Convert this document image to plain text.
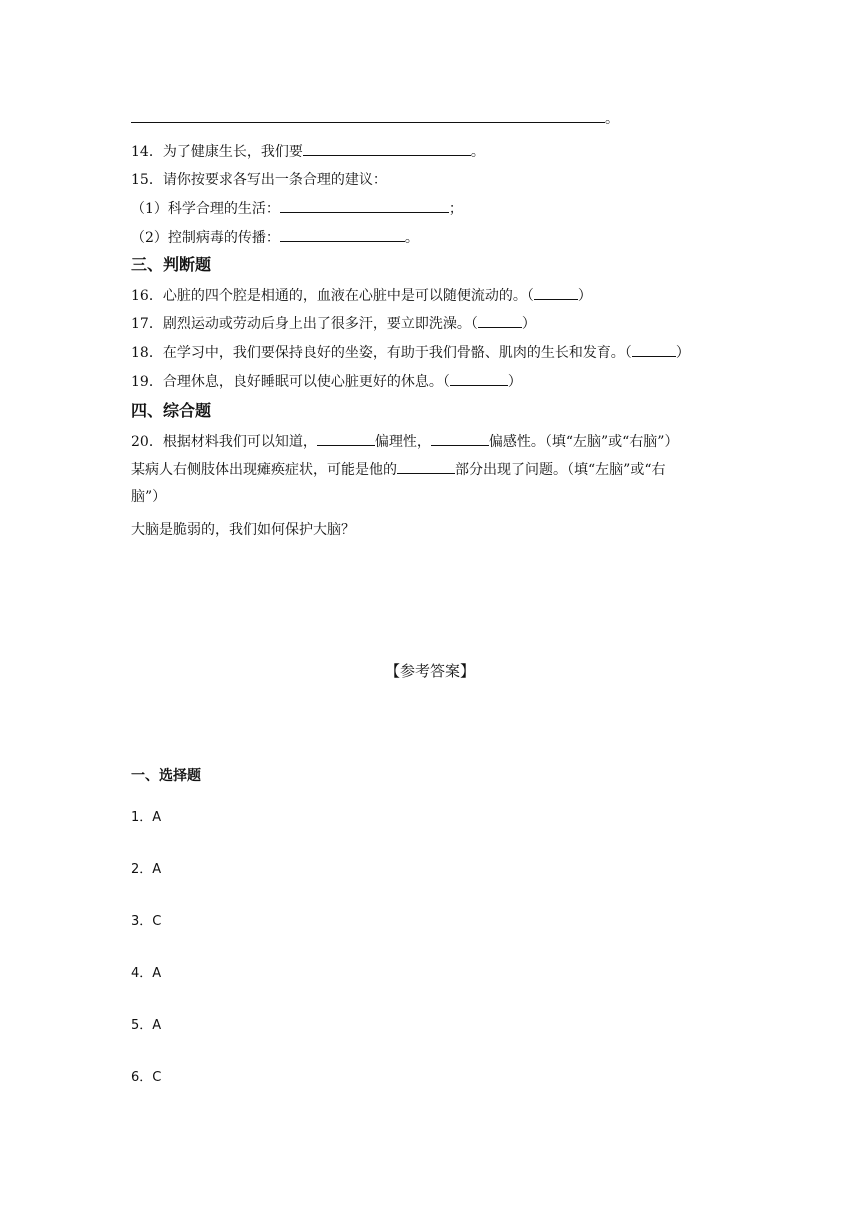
。
14．为了健康生长，我们要	。
15．请你按要求各写出一条合理的建议：
（1）科学合理的生活：	；
（2）控制病毒的传播：	。
三、判断题
16．心脏的四个腔是相通的，血液在心脏中是可以随便流动的。（	）
17．剧烈运动或劳动后身上出了很多汗，要立即洗澡。（	）
18．在学习中，我们要保持良好的坐姿，有助于我们骨骼、肌肉的生长和发育。（	）
19．合理休息，良好睡眠可以使心脏更好的休息。（	）
四、综合题
20．根据材料我们可以知道，	偏理性，	偏感性。（填“左脑”或“右脑”）
某病人右侧肢体出现瘫痪症状，可能是他的	部分出现了问题。（填“左脑”或“右
脑”）
大脑是脆弱的，我们如何保护大脑？
【参考答案】
一、选择题
1．A
2．A
3．C
4．A
5．A
6．C
